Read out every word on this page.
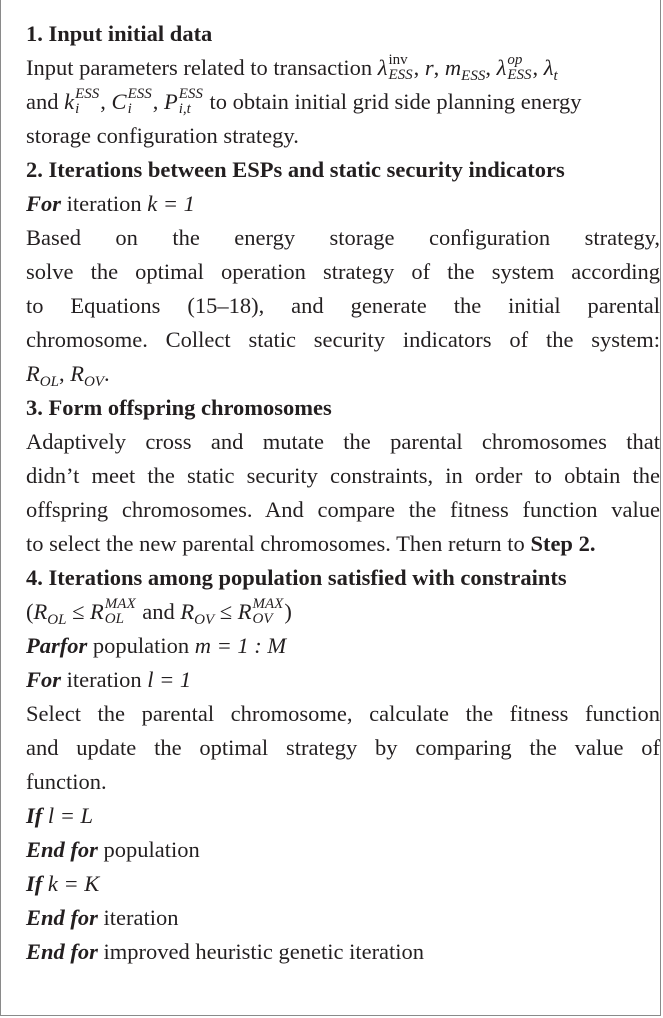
1. Input initial data
Input parameters related to transaction λ inv
ESS , r, $m_{ESS}$, λ op
ESS , $\lambda_t$
and k ESS
i , C ESS
i , P ESS
i,t to obtain initial grid side planning energy
storage configuration strategy.
2. Iterations between ESPs and static security indicators
For iteration k = 1
Based on the energy storage configuration strategy,
solve the optimal operation strategy of the system according
to Equations (15–18), and generate the initial parental
chromosome. Collect static security indicators of the system:
$R_{OL}$, $R_{OV}$.
3. Form offspring chromosomes
Adaptively cross and mutate the parental chromosomes that
didn’t meet the static security constraints, in order to obtain the
offspring chromosomes. And compare the fitness function value
to select the new parental chromosomes. Then return to Step 2.
4. Iterations among population satisfied with constraints
($R_{OL} \le R$ MAX
OL and $R_{OV} \le R$ MAX
OV )
Parfor population m = 1 : M
For iteration l = 1
Select the parental chromosome, calculate the fitness function
and update the optimal strategy by comparing the value of
function.
If l = L
End for population
If k = K
End for iteration
End for improved heuristic genetic iteration
